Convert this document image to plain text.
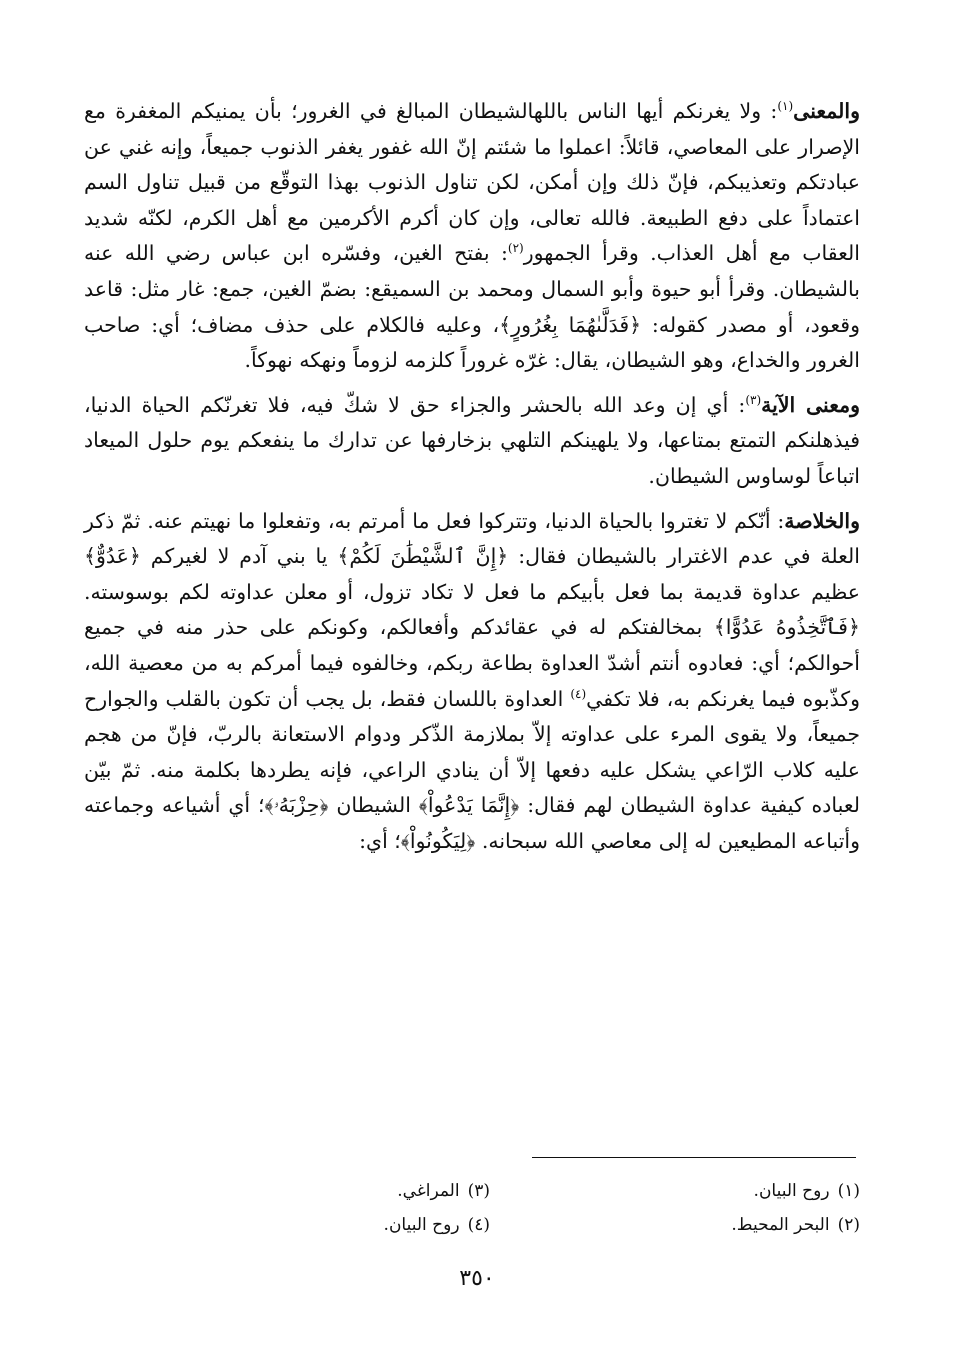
والمعنى$^{(١)}$: ولا يغرنكم أيها الناس باللهالشيطان المبالغ في الغرور؛ بأن يمنيكم المغفرة مع الإصرار على المعاصي، قائلاً: اعملوا ما شئتم إنّ الله غفور يغفر الذنوب جميعاً، وإنه غني عن عبادتكم وتعذيبكم، فإنّ ذلك وإن أمكن، لكن تناول الذنوب بهذا التوقّع من قبيل تناول السم اعتماداً على دفع الطبيعة. فالله تعالى، وإن كان أكرم الأكرمين مع أهل الكرم، لكنّه شديد العقاب مع أهل العذاب. وقرأ الجمهور$^{(٢)}$: بفتح الغين، وفسّره ابن عباس رضي الله عنه بالشيطان. وقرأ أبو حيوة وأبو السمال ومحمد بن السميقع: بضمّ الغين، جمع: غار مثل: قاعد وقعود، أو مصدر كقوله: ﴿فَدَلَّىٰهُمَا بِغُرُورٍ﴾، وعليه فالكلام على حذف مضاف؛ أي: صاحب الغرور والخداع، وهو الشيطان، يقال: غرّه غروراً كلزمه لزوماً ونهكه نهوكاً.

ومعنى الآية$^{(٣)}$: أي إن وعد الله بالحشر والجزاء حق لا شكّ فيه، فلا تغرنّكم الحياة الدنيا، فيذهلنكم التمتع بمتاعها، ولا يلهينكم التلهي بزخارفها عن تدارك ما ينفعكم يوم حلول الميعاد اتباعاً لوساوس الشيطان.

والخلاصة: أنّكم لا تغتروا بالحياة الدنيا، وتتركوا فعل ما أمرتم به، وتفعلوا ما نهيتم عنه. ثمّ ذكر العلة في عدم الاغترار بالشيطان فقال: ﴿إِنَّ ٱلشَّيْطَٰنَ لَكُمْ﴾ يا بني آدم لا لغيركم ﴿عَدُوٌّ﴾ عظيم عداوة قديمة بما فعل بأبيكم ما فعل لا تكاد تزول، أو معلن عداوته لكم بوسوسته. ﴿فَٱتَّخِذُوهُ عَدُوًّا﴾ بمخالفتكم له في عقائدكم وأفعالكم، وكونكم على حذر منه في جميع أحوالكم؛ أي: فعادوه أنتم أشدّ العداوة بطاعة ربكم، وخالفوه فيما أمركم به من معصية الله، وكذّبوه فيما يغرنكم به، فلا تكفي$^{(٤)}$ العداوة باللسان فقط، بل يجب أن تكون بالقلب والجوارح جميعاً، ولا يقوى المرء على عداوته إلاّ بملازمة الذّكر ودوام الاستعانة بالربّ، فإنّ من هجم عليه كلاب الرّاعي يشكل عليه دفعها إلاّ أن ينادي الراعي، فإنه يطردها بكلمة منه. ثمّ بيّن لعباده كيفية عداوة الشيطان لهم فقال: ﴿إِنَّمَا يَدْعُواْ﴾ الشيطان ﴿حِزْبَهُۥ﴾؛ أي أشياعه وجماعته وأتباعه المطيعين له إلى معاصي الله سبحانه. ﴿لِيَكُونُواْ﴾؛ أي:

(١)روح البيان.
(٣)المراغي.
(٢)البحر المحيط.
(٤)روح البيان.
٣٥٠
